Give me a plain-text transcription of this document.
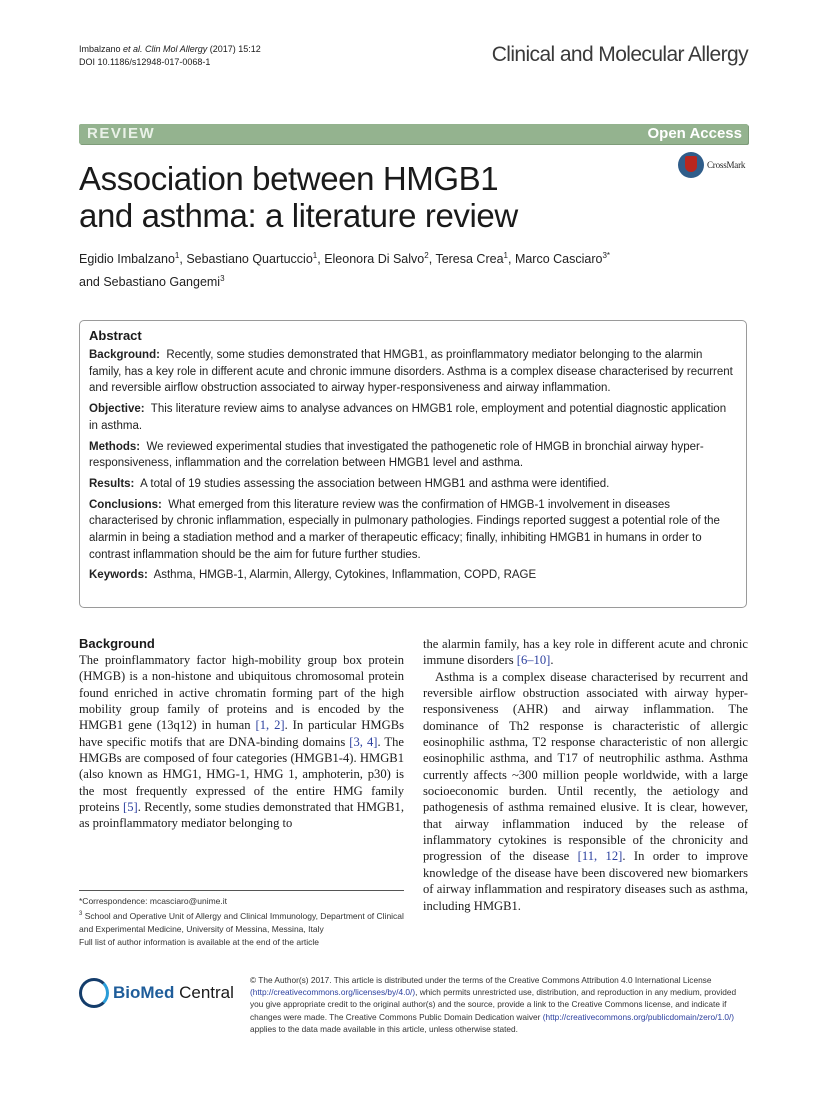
Imbalzano et al. Clin Mol Allergy (2017) 15:12
DOI 10.1186/s12948-017-0068-1	Clinical and Molecular Allergy
REVIEW	Open Access
CrossMark
Association between HMGB1
and asthma: a literature review
Egidio Imbalzano$^1$, Sebastiano Quartuccio$^1$, Eleonora Di Salvo$^2$, Teresa Crea$^1$, Marco Casciaro$^{3*}$
and Sebastiano Gangemi$^3$
Abstract

Background: Recently, some studies demonstrated that HMGB1, as proinflammatory mediator belonging to the alarmin family, has a key role in different acute and chronic immune disorders. Asthma is a complex disease characterised by recurrent and reversible airflow obstruction associated to airway hyper-responsiveness and airway inflammation.

Objective: This literature review aims to analyse advances on HMGB1 role, employment and potential diagnostic application in asthma.

Methods: We reviewed experimental studies that investigated the pathogenetic role of HMGB in bronchial airway hyper-responsiveness, inflammation and the correlation between HMGB1 level and asthma.

Results: A total of 19 studies assessing the association between HMGB1 and asthma were identified.

Conclusions: What emerged from this literature review was the confirmation of HMGB-1 involvement in diseases characterised by chronic inflammation, especially in pulmonary pathologies. Findings reported suggest a potential role of the alarmin in being a stadiation method and a marker of therapeutic efficacy; finally, inhibiting HMGB1 in humans in order to contrast inflammation should be the aim for future further studies.

Keywords: Asthma, HMGB-1, Alarmin, Allergy, Cytokines, Inflammation, COPD, RAGE

Background

The proinflammatory factor high-mobility group box protein (HMGB) is a non-histone and ubiquitous chromosomal protein found enriched in active chromatin forming part of the high mobility group family of proteins and is encoded by the HMGB1 gene (13q12) in human [1, 2]. In particular HMGBs have specific motifs that are DNA-binding domains [3, 4]. The HMGBs are composed of four categories (HMGB1-4). HMGB1 (also known as HMG1, HMG-1, HMG 1, amphoterin, p30) is the most frequently expressed of the entire HMG family proteins [5]. Recently, some studies demonstrated that HMGB1, as proinflammatory mediator belonging to

the alarmin family, has a key role in different acute and chronic immune disorders [6–10].

Asthma is a complex disease characterised by recurrent and reversible airflow obstruction associated with airway hyper-responsiveness (AHR) and airway inflammation. The dominance of Th2 response is characteristic of allergic eosinophilic asthma, T2 response characteristic of non allergic eosinophilic asthma, and T17 of neutrophilic asthma. Asthma currently affects ~300 million people worldwide, with a large socioeconomic burden. Until recently, the aetiology and pathogenesis of asthma remained elusive. It is clear, however, that airway inflammation induced by the release of inflammatory cytokines is responsible of the chronicity and progression of the disease [11, 12]. In order to improve knowledge of the disease have been discovered new biomarkers of airway inflammation and respiratory diseases such as asthma, including HMGB1.

*Correspondence: mcasciaro@unime.it
$^3$ School and Operative Unit of Allergy and Clinical Immunology, Department of Clinical and Experimental Medicine, University of Messina, Messina, Italy
Full list of author information is available at the end of the article
BioMed Central
© The Author(s) 2017. This article is distributed under the terms of the Creative Commons Attribution 4.0 International License (http://creativecommons.org/licenses/by/4.0/), which permits unrestricted use, distribution, and reproduction in any medium, provided you give appropriate credit to the original author(s) and the source, provide a link to the Creative Commons license, and indicate if changes were made. The Creative Commons Public Domain Dedication waiver (http://creativecommons.org/publicdomain/zero/1.0/) applies to the data made available in this article, unless otherwise stated.
